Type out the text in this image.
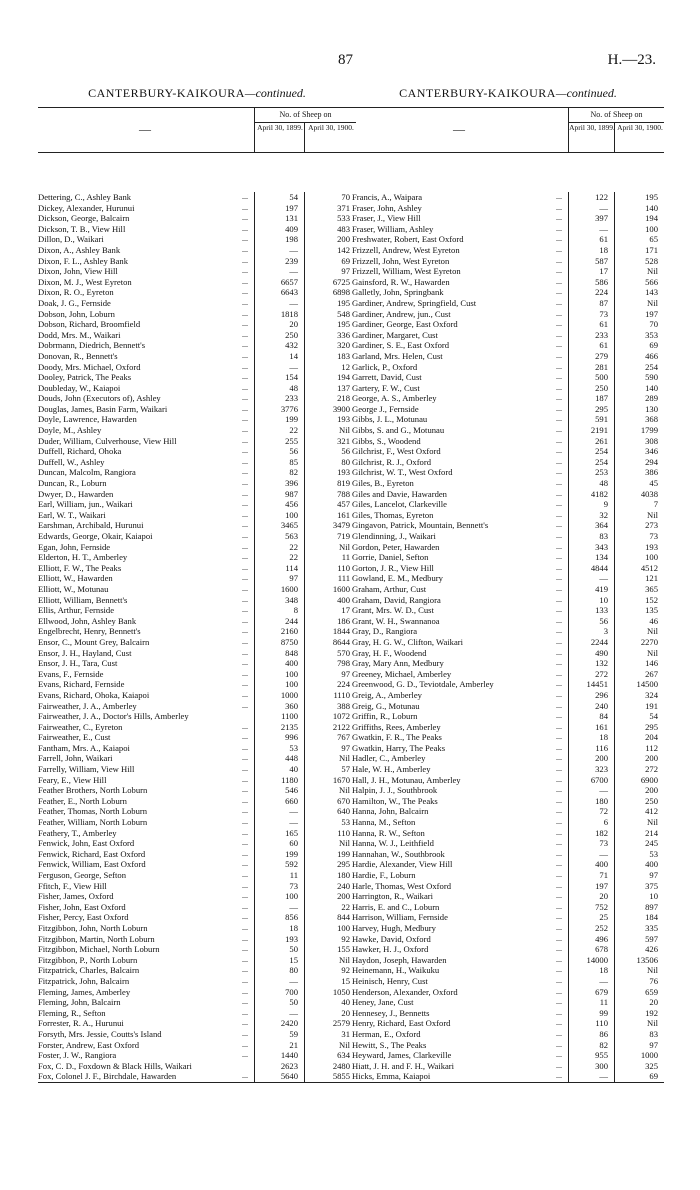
87	H.—23.
CANTERBURY-KAIKOURA—continued.
—
No. of Sheep on
April 30, 1899. April 30, 1900.
Dettering, C., Ashley Bank	...	54	70
Dickey, Alexander, Hurunui	...	197	371
Dickson, George, Balcairn	...	131	533
Dickson, T. B., View Hill	...	409	483
Dillon, D., Waikari	...	198	200
Dixon, A., Ashley Bank	...	—	142
Dixon, F. L., Ashley Bank	...	239	69
Dixon, John, View Hill	...	—	97
Dixon, M. J., West Eyreton	...	6657	6725
Dixon, R. O., Eyreton	...	6643	6898
Doak, J. G., Fernside	...	—	195
Dobson, John, Loburn	...	1818	548
Dobson, Richard, Broomfield	...	20	195
Dodd, Mrs. M., Waikari	...	250	336
Dobrmann, Diedrich, Bennett's	...	432	320
Donovan, R., Bennett's	...	14	183
Doody, Mrs. Michael, Oxford	...	—	12
Dooley, Patrick, The Peaks	...	154	194
Doubleday, W., Kaiapoi	...	48	137
Douds, John (Executors of), Ashley	...	233	218
Douglas, James, Basin Farm, Waikari	...	3776	3900
Doyle, Lawrence, Hawarden	...	199	193
Doyle, M., Ashley	...	22	Nil
Duder, William, Culverhouse, View Hill	...	255	321
Duffell, Richard, Ohoka	...	56	56
Duffell, W., Ashley	...	85	80
Duncan, Malcolm, Rangiora	...	82	193
Duncan, R., Loburn	...	396	819
Dwyer, D., Hawarden	...	987	788
Earl, William, jun., Waikari	...	456	457
Earl, W. T., Waikari	...	100	161
Earshman, Archibald, Hurunui	...	3465	3479
Edwards, George, Okair, Kaiapoi	...	563	719
Egan, John, Fernside	...	22	Nil
Elderton, H. T., Amberley	...	22	11
Elliott, F. W., The Peaks	...	114	110
Elliott, W., Hawarden	...	97	111
Elliott, W., Motunau	...	1600	1600
Elliott, William, Bennett's	...	348	400
Ellis, Arthur, Fernside	...	8	17
Ellwood, John, Ashley Bank	...	244	186
Engelbrecht, Henry, Bennett's	...	2160	1844
Ensor, C., Mount Grey, Balcairn	...	8750	8644
Ensor, J. H., Hayland, Cust	...	848	570
Ensor, J. H., Tara, Cust	...	400	798
Evans, F., Fernside	...	100	97
Evans, Richard, Fernside	...	100	224
Evans, Richard, Ohoka, Kaiapoi	...	1000	1110
Fairweather, J. A., Amberley	...	360	388
Fairweather, J. A., Doctor's Hills, Amberley	1100	1072
Fairweather, C., Eyreton	...	2135	2122
Fairweather, E., Cust	...	996	767
Fantham, Mrs. A., Kaiapoi	...	53	97
Farrell, John, Waikari	...	448	Nil
Farrelly, William, View Hill	...	40	57
Feary, E., View Hill	...	1180	1670
Feather Brothers, North Loburn	...	546	Nil
Feather, E., North Loburn	...	660	670
Feather, Thomas, North Loburn	...	—	640
Feather, William, North Loburn	...	—	53
Feathery, T., Amberley	...	165	110
Fenwick, John, East Oxford	...	60	Nil
Fenwick, Richard, East Oxford	...	199	199
Fenwick, William, East Oxford	...	592	295
Ferguson, George, Sefton	...	11	180
Ffitch, F., View Hill	...	73	240
Fisher, James, Oxford	...	100	200
Fisher, John, East Oxford	...	—	22
Fisher, Percy, East Oxford	...	856	844
Fitzgibbon, John, North Loburn	...	18	100
Fitzgibbon, Martin, North Loburn	...	193	92
Fitzgibbon, Michael, North Loburn	...	50	155
Fitzgibbon, P., North Loburn	...	15	Nil
Fitzpatrick, Charles, Balcairn	...	80	92
Fitzpatrick, John, Balcairn	...	—	15
Fleming, James, Amberley	...	700	1050
Fleming, John, Balcairn	...	50	40
Fleming, R., Sefton	...	—	20
Forrester, R. A., Hurunui	...	2420	2579
Forsyth, Mrs. Jessie, Coutts's Island	...	59	31
Forster, Andrew, East Oxford	...	21	Nil
Foster, J. W., Rangiora	...	1440	634
Fox, C. D., Foxdown & Black Hills, Waikari	2623	2480
Fox, Colonel J. F., Birchdale, Hawarden	...	5640	5855
CANTERBURY-KAIKOURA—continued.
—
No. of Sheep on
April 30, 1899. April 30, 1900.
Francis, A., Waipara	...	122	195
Fraser, John, Ashley	...	—	140
Fraser, J., View Hill	...	397	194
Fraser, William, Ashley	...	—	100
Freshwater, Robert, East Oxford	...	61	65
Frizzell, Andrew, West Eyreton	...	18	171
Frizzell, John, West Eyreton	...	587	528
Frizzell, William, West Eyreton	...	17	Nil
Gainsford, R. W., Hawarden	...	586	566
Galletly, John, Springbank	...	224	143
Gardiner, Andrew, Springfield, Cust	...	87	Nil
Gardiner, Andrew, jun., Cust	...	73	197
Gardiner, George, East Oxford	...	61	70
Gardiner, Margaret, Cust	...	233	353
Gardiner, S. E., East Oxford	...	61	69
Garland, Mrs. Helen, Cust	...	279	466
Garlick, P., Oxford	...	281	254
Garrett, David, Cust	...	500	590
Gartery, F. W., Cust	...	250	140
George, A. S., Amberley	...	187	289
George J., Fernside	...	295	130
Gibbs, J. L., Motunau	...	591	368
Gibbs, S. and G., Motunau	...	2191	1799
Gibbs, S., Woodend	...	261	308
Gilchrist, F., West Oxford	...	254	346
Gilchrist, R. J., Oxford	...	254	294
Gilchrist, W. T., West Oxford	...	253	386
Giles, B., Eyreton	...	48	45
Giles and Davie, Hawarden	...	4182	4038
Giles, Lancelot, Clarkeville	...	9	7
Giles, Thomas, Eyreton	...	32	Nil
Gingavon, Patrick, Mountain, Bennett's	...	364	273
Glendinning, J., Waikari	...	83	73
Gordon, Peter, Hawarden	...	343	193
Gorrie, Daniel, Sefton	...	134	100
Gorton, J. R., View Hill	...	4844	4512
Gowland, E. M., Medbury	...	—	121
Graham, Arthur, Cust	...	419	365
Graham, David, Rangiora	...	10	152
Grant, Mrs. W. D., Cust	...	133	135
Grant, W. H., Swannanoa	...	56	46
Gray, D., Rangiora	...	3	Nil
Gray, H. G. W., Clifton, Waikari	...	2244	2270
Gray, H. F., Woodend	...	490	Nil
Gray, Mary Ann, Medbury	...	132	146
Greeney, Michael, Amberley	...	272	267
Greenwood, G. D., Teviotdale, Amberley	...	14451	14500
Greig, A., Amberley	...	296	324
Greig, G., Motunau	...	240	191
Griffin, R., Loburn	...	84	54
Griffiths, Rees, Amberley	...	161	295
Gwatkin, F. R., The Peaks	...	18	204
Gwatkin, Harry, The Peaks	...	116	112
Hadler, C., Amberley	...	200	200
Hale, W. H., Amberley	...	323	272
Hall, J. H., Motunau, Amberley	...	6700	6900
Halpin, J. J., Southbrook	...	—	200
Hamilton, W., The Peaks	...	180	250
Hanna, John, Balcairn	...	72	412
Hanna, M., Sefton	...	6	Nil
Hanna, R. W., Sefton	...	182	214
Hanna, W. J., Leithfield	...	73	245
Hannahan, W., Southbrook	...	—	53
Hardie, Alexander, View Hill	...	400	400
Hardie, F., Loburn	...	71	97
Harle, Thomas, West Oxford	...	197	375
Harrington, R., Waikari	...	20	10
Harris, E. and C., Loburn	...	752	897
Harrison, William, Fernside	...	25	184
Harvey, Hugh, Medbury	...	252	335
Hawke, David, Oxford	...	496	597
Hawker, H. J., Oxford	...	678	426
Haydon, Joseph, Hawarden	...	14000	13506
Heinemann, H., Waikuku	...	18	Nil
Heinisch, Henry, Cust	...	—	76
Henderson, Alexander, Oxford	...	679	659
Heney, Jane, Cust	...	11	20
Hennesey, J., Bennetts	...	99	192
Henry, Richard, East Oxford	...	110	Nil
Herman, E., Oxford	...	86	83
Hewitt, S., The Peaks	...	82	97
Heyward, James, Clarkeville	...	955	1000
Hiatt, J. H. and F. H., Waikari	...	300	325
Hicks, Emma, Kaiapoi	...	—	69
